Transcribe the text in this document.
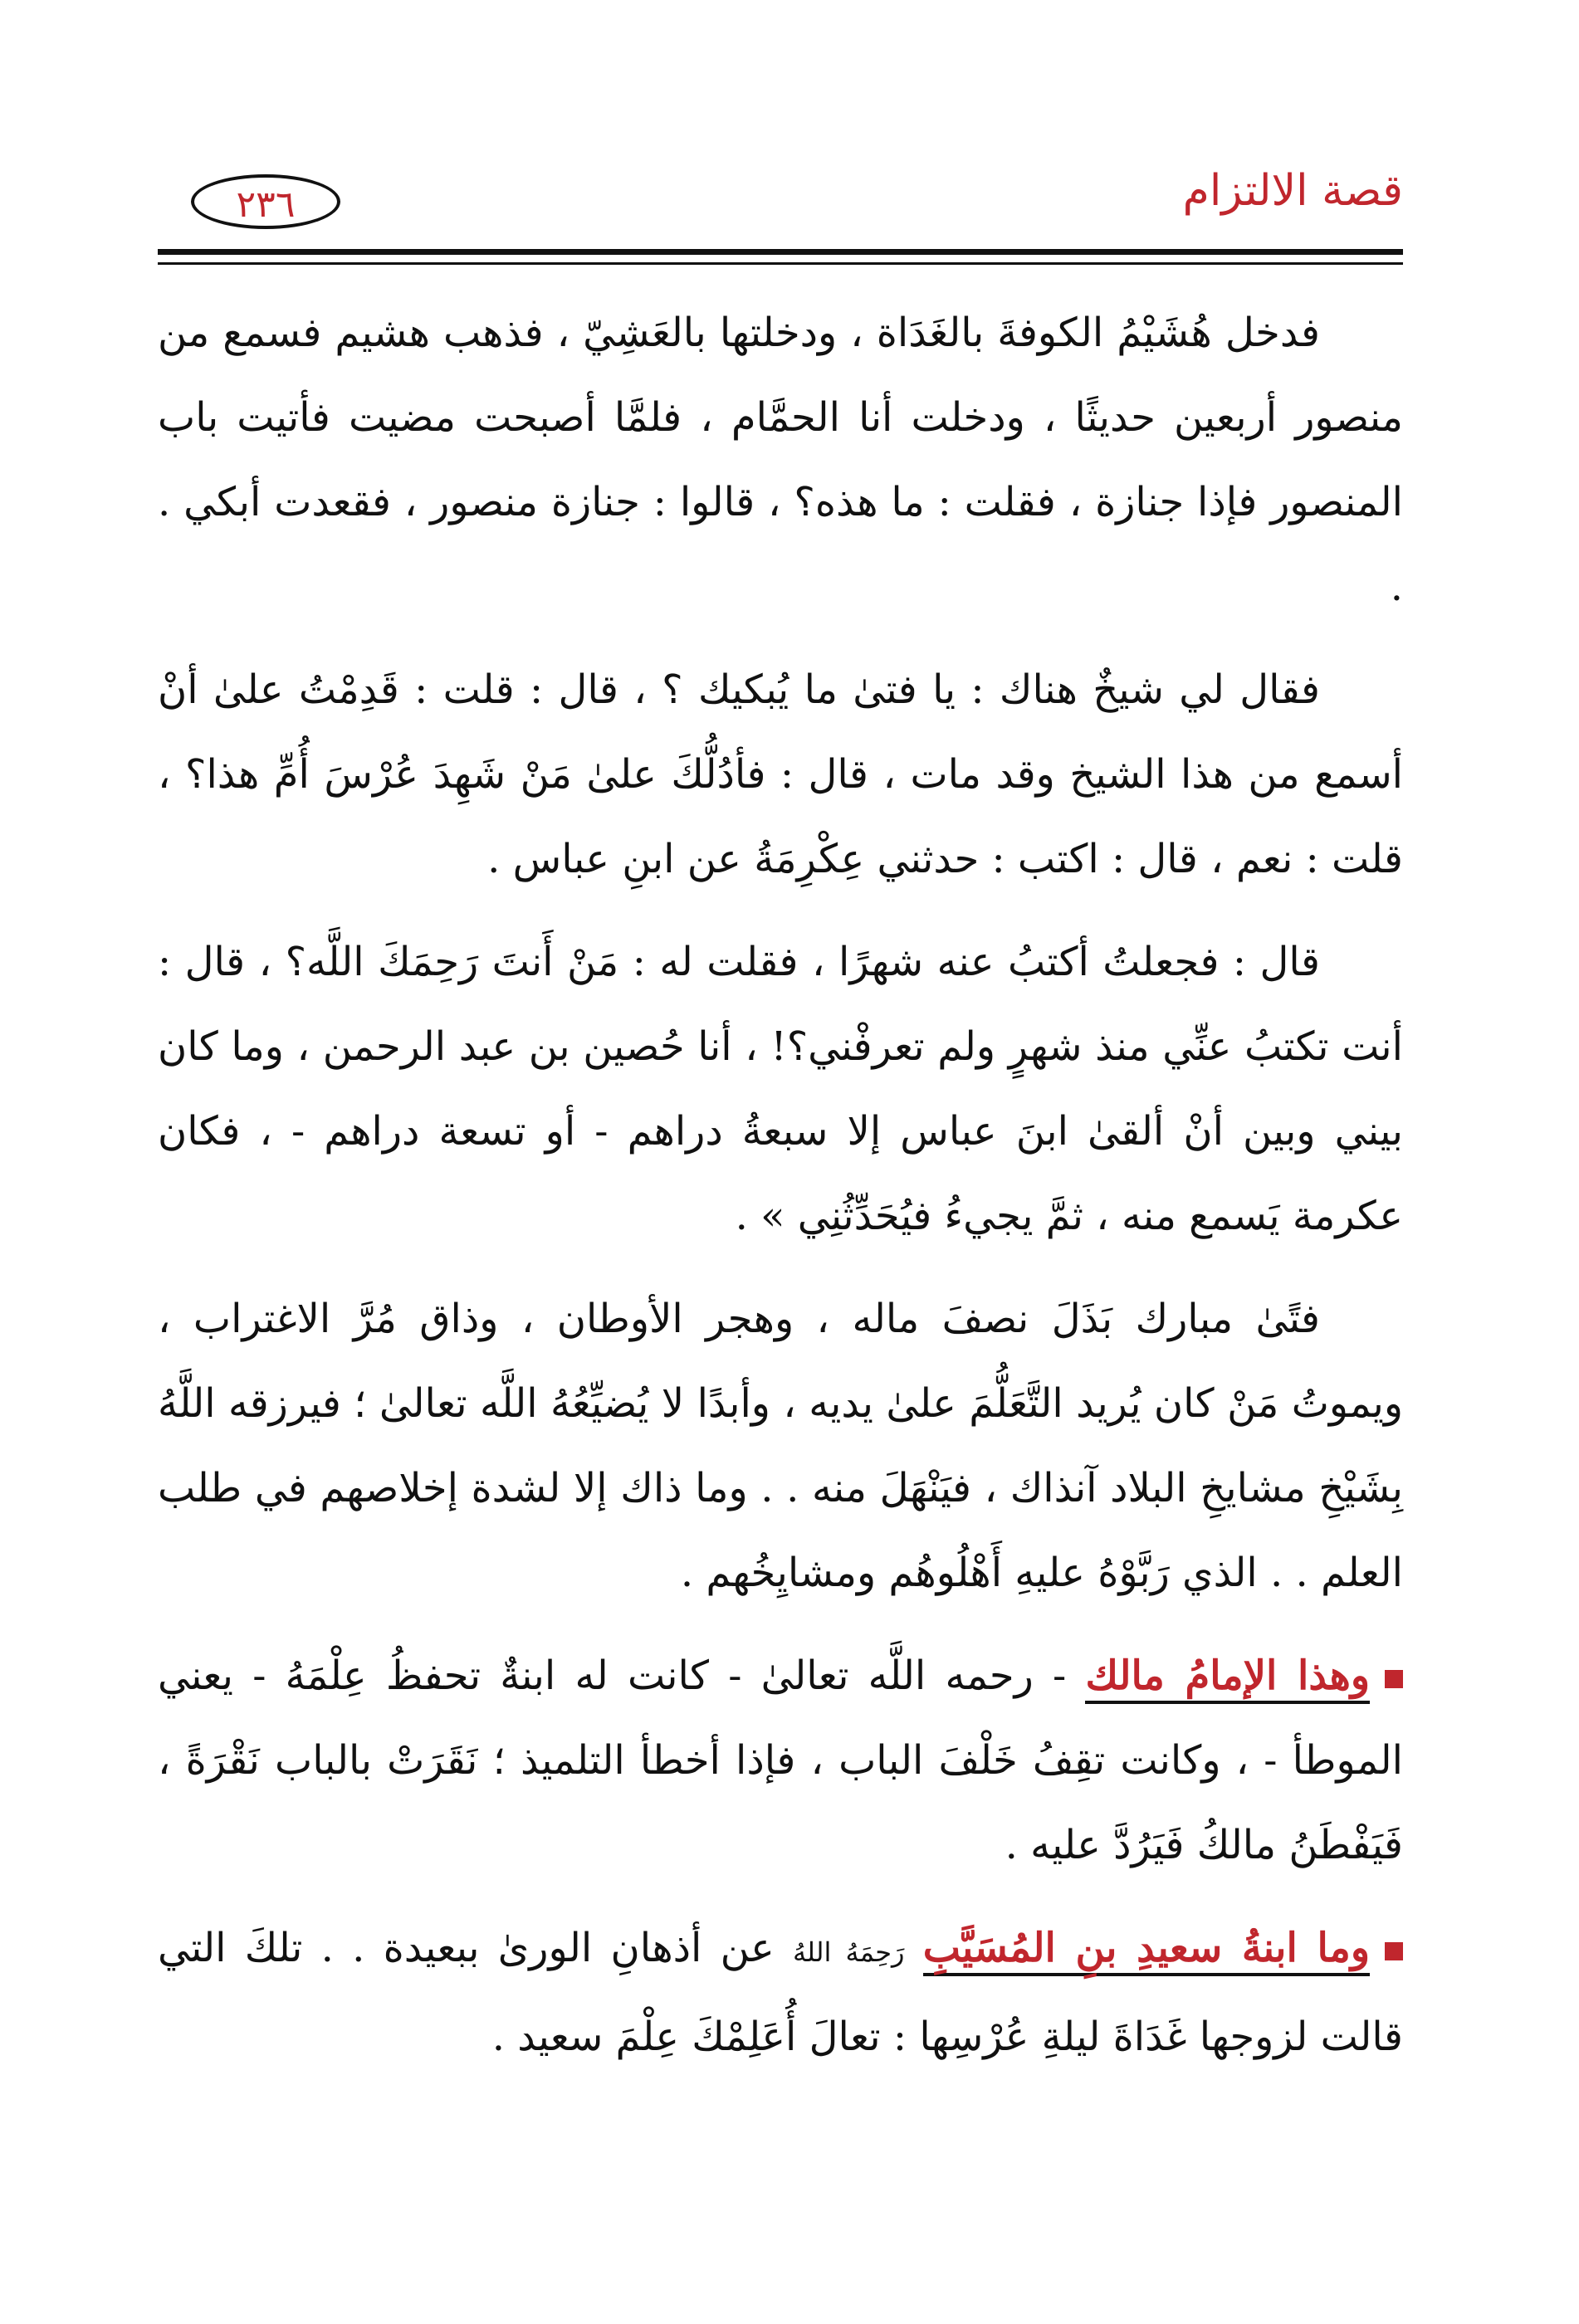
٢٣٦	قصة الالتزام

فدخل هُشَيْمُ الكوفةَ بالغَدَاة ، ودخلتها بالعَشِيّ ، فذهب هشيم فسمع من منصور أربعين حديثًا ، ودخلت أنا الحمَّام ، فلمَّا أصبحت مضيت فأتيت باب المنصور فإذا جنازة ، فقلت : ما هذه؟ ، قالوا : جنازة منصور ، فقعدت أبكي . .

فقال لي شيخٌ هناك : يا فتىٰ ما يُبكيك ؟ ، قال : قلت : قَدِمْتُ علىٰ أنْ أسمع من هذا الشيخ وقد مات ، قال : فأدُلُّكَ علىٰ مَنْ شَهِدَ عُرْسَ أُمِّ هذا؟ ، قلت : نعم ، قال : اكتب : حدثني عِكْرِمَةُ عن ابنِ عباس .

قال : فجعلتُ أكتبُ عنه شهرًا ، فقلت له : مَنْ أَنتَ رَحِمَكَ اللَّه؟ ، قال : أنت تكتبُ عنِّي منذ شهرٍ ولم تعرفْني؟! ، أنا حُصين بن عبد الرحمن ، وما كان بيني وبين أنْ ألقىٰ ابنَ عباس إلا سبعةُ دراهم - أو تسعة دراهم - ، فكان عكرمة يَسمع منه ، ثمَّ يجيءُ فيُحَدِّثُنِي » .

فتًىٰ مبارك بَذَلَ نصفَ ماله ، وهجر الأوطان ، وذاق مُرَّ الاغتراب ، ويموتُ مَنْ كان يُريد التَّعَلُّمَ علىٰ يديه ، وأبدًا لا يُضيِّعُهُ اللَّه تعالىٰ ؛ فيرزقه اللَّهُ بِشَيْخِ مشايخِ البلاد آنذاك ، فيَنْهَلَ منه . . وما ذاك إلا لشدة إخلاصهم في طلب العلم . . الذي رَبَّوْهُ عليهِ أَهْلُوهُم ومشايِخُهم .

وهذا الإمامُ مالك - رحمه اللَّه تعالىٰ - كانت له ابنةٌ تحفظُ عِلْمَهُ - يعني الموطأ - ، وكانت تقِفُ خَلْفَ الباب ، فإذا أخطأ التلميذ ؛ نَقَرَتْ بالباب نَقْرَةً ، فَيَفْطَنُ مالكُ فَيَرُدَّ عليه .

وما ابنةُ سعيدِ بنِ المُسَيَّبِ رَحِمَهُ اللهُ عن أذهانِ الورىٰ ببعيدة . . تلكَ التي قالت لزوجها غَدَاةَ ليلةِ عُرْسِها : تعالَ أُعَلِمْكَ عِلْمَ سعيد .
